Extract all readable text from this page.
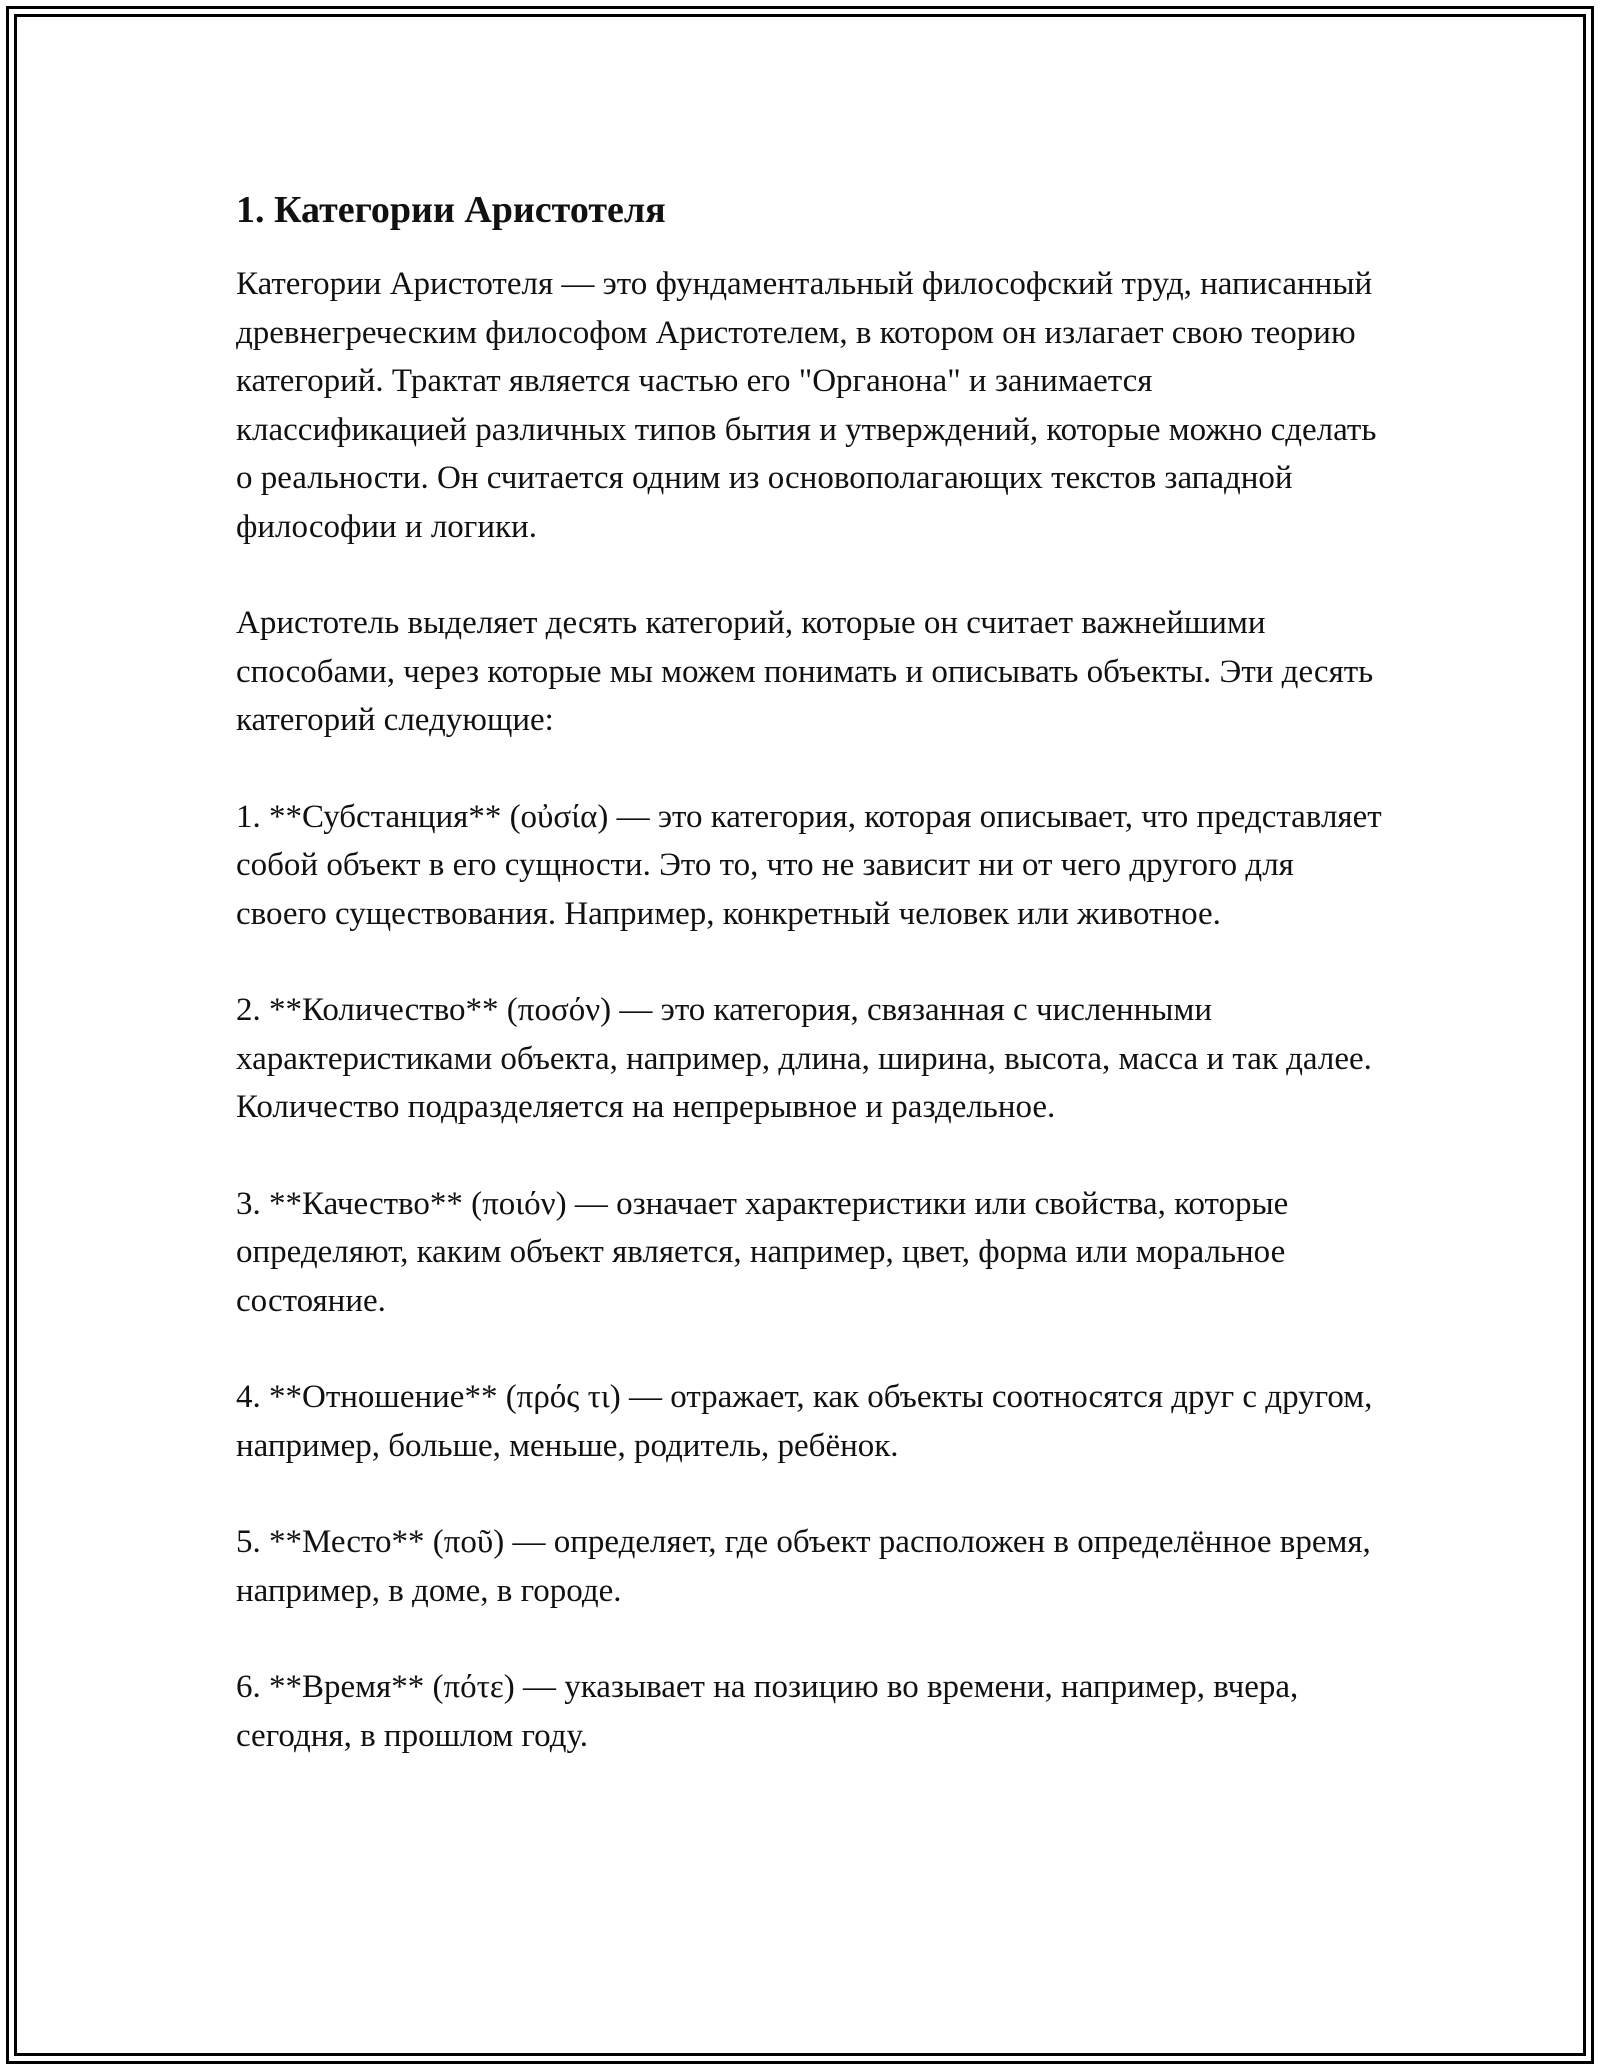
1. Категории Аристотеля

Категории Аристотеля — это фундаментальный философский труд, написанный древнегреческим философом Аристотелем, в котором он излагает свою теорию категорий. Трактат является частью его "Органона" и занимается классификацией различных типов бытия и утверждений, которые можно сделать о реальности. Он считается одним из основополагающих текстов западной философии и логики.

Аристотель выделяет десять категорий, которые он считает важнейшими способами, через которые мы можем понимать и описывать объекты. Эти десять категорий следующие:

1. **Субстанция** (οὐσία) — это категория, которая описывает, что представляет собой объект в его сущности. Это то, что не зависит ни от чего другого для своего существования. Например, конкретный человек или животное.

2. **Количество** (ποσόν) — это категория, связанная с численными характеристиками объекта, например, длина, ширина, высота, масса и так далее. Количество подразделяется на непрерывное и раздельное.

3. **Качество** (ποιόν) — означает характеристики или свойства, которые определяют, каким объект является, например, цвет, форма или моральное состояние.

4. **Отношение** (πρός τι) — отражает, как объекты соотносятся друг с другом, например, больше, меньше, родитель, ребёнок.

5. **Место** (ποῦ) — определяет, где объект расположен в определённое время, например, в доме, в городе.

6. **Время** (πότε) — указывает на позицию во времени, например, вчера, сегодня, в прошлом году.
